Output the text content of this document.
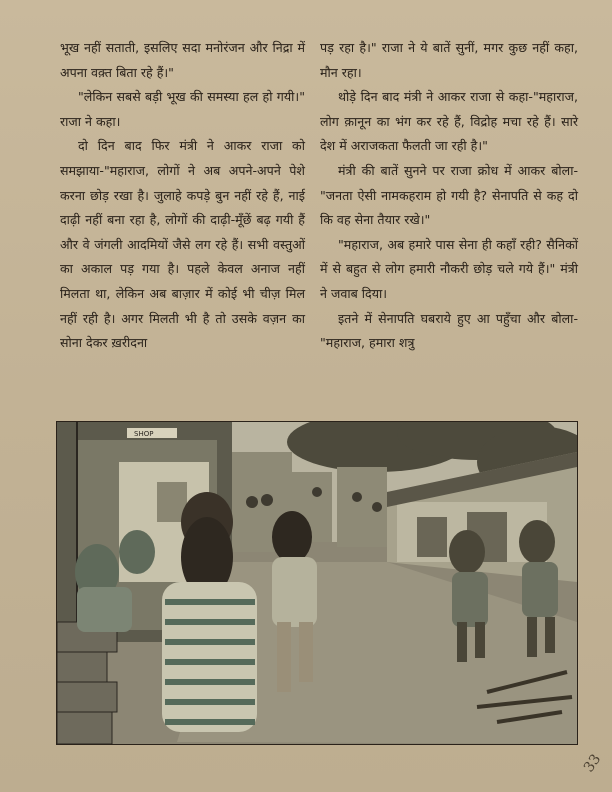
भूख नहीं सताती, इसलिए सदा मनोरंजन और निद्रा में अपना वक़्त बिता रहे हैं।"

"लेकिन सबसे बड़ी भूख की समस्या हल हो गयी।" राजा ने कहा।

दो दिन बाद फिर मंत्री ने आकर राजा को समझाया-"महाराज, लोगों ने अब अपने-अपने पेशे करना छोड़ रखा है। जुलाहे कपड़े बुन नहीं रहे हैं, नाई दाढ़ी नहीं बना रहा है, लोगों की दाढ़ी-मूँछें बढ़ गयी हैं और वे जंगली आदमियों जैसे लग रहे हैं। सभी वस्तुओं का अकाल पड़ गया है। पहले केवल अनाज नहीं मिलता था, लेकिन अब बाज़ार में कोई भी चीज़ मिल नहीं रही है। अगर मिलती भी है तो उसके वज़न का सोना देकर ख़रीदना

पड़ रहा है।" राजा ने ये बातें सुनीं, मगर कुछ नहीं कहा, मौन रहा।

थोड़े दिन बाद मंत्री ने आकर राजा से कहा-"महाराज, लोग क़ानून का भंग कर रहे हैं, विद्रोह मचा रहे हैं। सारे देश में अराजकता फैलती जा रही है।"

मंत्री की बातें सुनने पर राजा क्रोध में आकर बोला-"जनता ऐसी नामकहराम हो गयी है? सेनापति से कह दो कि वह सेना तैयार रखे।"

"महाराज, अब हमारे पास सेना ही कहाँ रही? सैनिकों में से बहुत से लोग हमारी नौकरी छोड़ चले गये हैं।" मंत्री ने जवाब दिया।

इतने में सेनापति घबराये हुए आ पहुँचा और बोला-"महाराज, हमारा शत्रु

SHOP
33
